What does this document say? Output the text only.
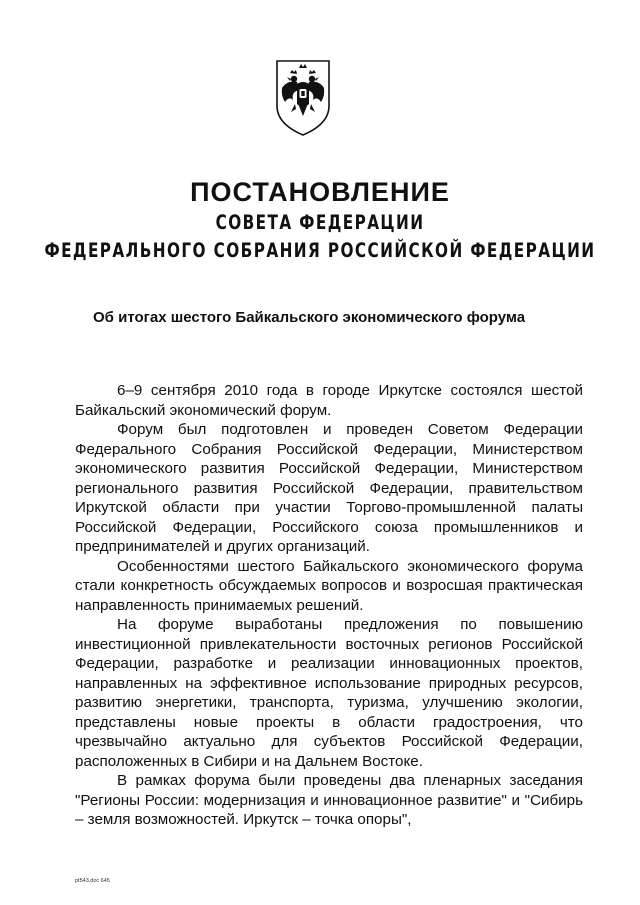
ПОСТАНОВЛЕНИЕ
СОВЕТА ФЕДЕРАЦИИ
ФЕДЕРАЛЬНОГО СОБРАНИЯ РОССИЙСКОЙ ФЕДЕРАЦИИ
Об итогах шестого Байкальского экономического форума

6–9 сентября 2010 года в городе Иркутске состоялся шестой Байкальский экономический форум.

Форум был подготовлен и проведен Советом Федерации Федерального Собрания Российской Федерации, Министерством экономического развития Российской Федерации, Министерством регионального развития Российской Федерации, правительством Иркутской области при участии Торгово-промышленной палаты Российской Федерации, Российского союза промышленников и предпринимателей и других организаций.

Особенностями шестого Байкальского экономического форума стали конкретность обсуждаемых вопросов и возросшая практическая направленность принимаемых решений.

На форуме выработаны предложения по повышению инвестиционной привлекательности восточных регионов Российской Федерации, разработке и реализации инновационных проектов, направленных на эффективное использование природных ресурсов, развитию энергетики, транспорта, туризма, улучшению экологии, представлены новые проекты в области градостроения, что чрезвычайно актуально для субъектов Российской Федерации, расположенных в Сибири и на Дальнем Востоке.

В рамках форума были проведены два пленарных заседания "Регионы России: модернизация и инновационное развитие" и "Сибирь – земля возможностей. Иркутск – точка опоры",

pt543.doc 645
